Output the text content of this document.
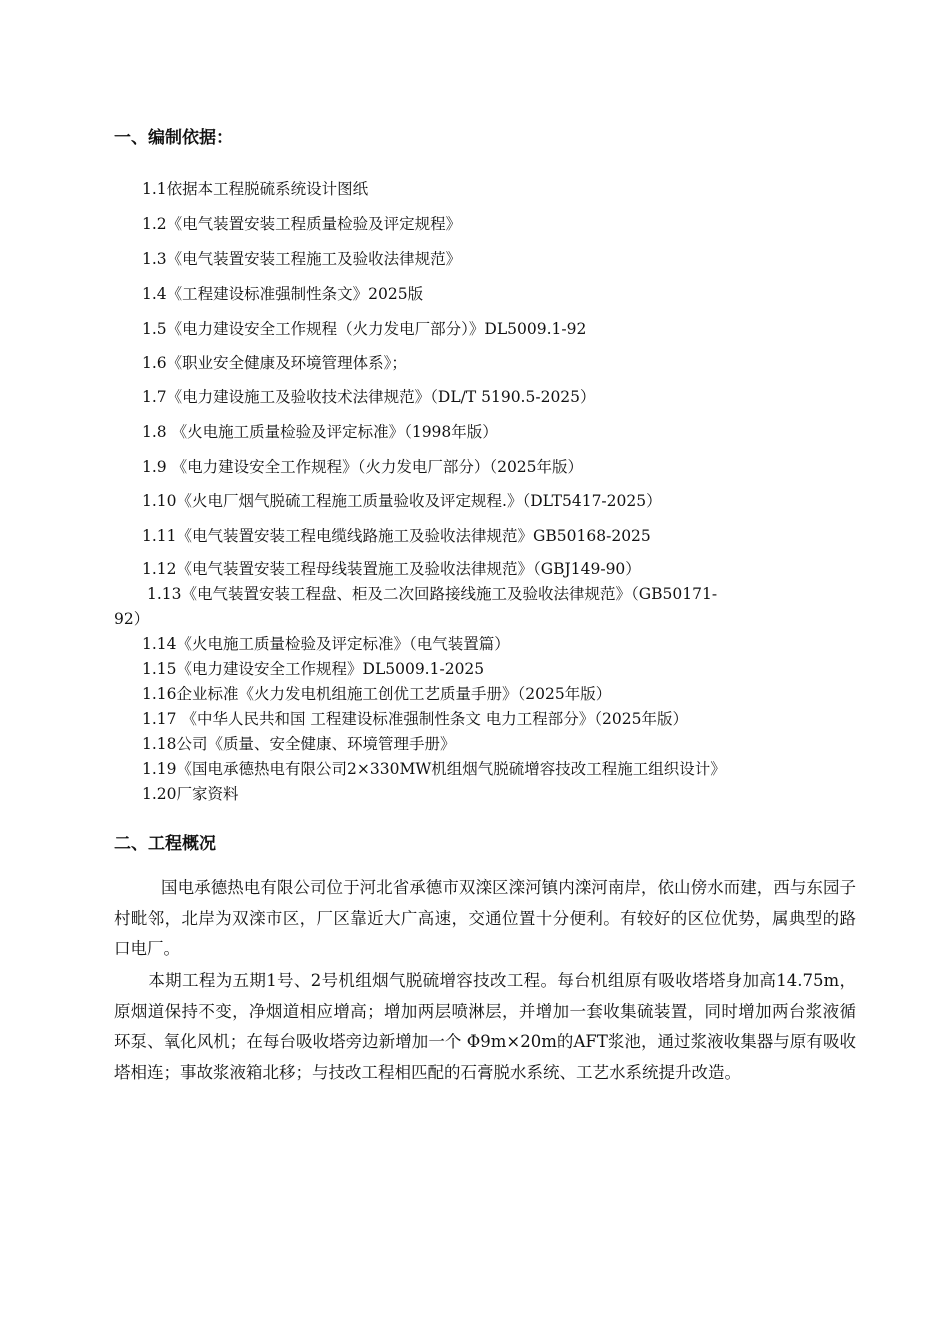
一、编制依据：
1.1依据本工程脱硫系统设计图纸
1.2《电气装置安装工程质量检验及评定规程》
1.3《电气装置安装工程施工及验收法律规范》
1.4《工程建设标准强制性条文》2025版
1.5《电力建设安全工作规程（火力发电厂部分）》DL5009.1-92
1.6《职业安全健康及环境管理体系》；
1.7《电力建设施工及验收技术法律规范》（DL/T 5190.5-2025）
1.8 《火电施工质量检验及评定标准》（1998年版）
1.9 《电力建设安全工作规程》（火力发电厂部分）（2025年版）
1.10《火电厂烟气脱硫工程施工质量验收及评定规程.》（DLT5417-2025）
1.11《电气装置安装工程电缆线路施工及验收法律规范》GB50168-2025
1.12《电气装置安装工程母线装置施工及验收法律规范》（GBJ149-90）
1.13《电气装置安装工程盘、柜及二次回路接线施工及验收法律规范》（GB50171-
92）
1.14《火电施工质量检验及评定标准》（电气装置篇）
1.15《电力建设安全工作规程》DL5009.1-2025
1.16企业标准《火力发电机组施工创优工艺质量手册》（2025年版）
1.17 《中华人民共和国 工程建设标准强制性条文 电力工程部分》（2025年版）
1.18公司《质量、安全健康、环境管理手册》
1.19《国电承德热电有限公司2×330MW机组烟气脱硫增容技改工程施工组织设计》
1.20厂家资料
二、工程概况
国电承德热电有限公司位于河北省承德市双滦区滦河镇内滦河南岸，依山傍水而建，西与东园子村毗邻，北岸为双滦市区，厂区靠近大广高速，交通位置十分便利。有较好的区位优势，属典型的路口电厂。
本期工程为五期1号、2号机组烟气脱硫增容技改工程。每台机组原有吸收塔塔身加高14.75m，原烟道保持不变，净烟道相应增高；增加两层喷淋层，并增加一套收集硫装置，同时增加两台浆液循环泵、氧化风机；在每台吸收塔旁边新增加一个 Φ9m×20m的AFT浆池，通过浆液收集器与原有吸收塔相连；事故浆液箱北移；与技改工程相匹配的石膏脱水系统、工艺水系统提升改造。
